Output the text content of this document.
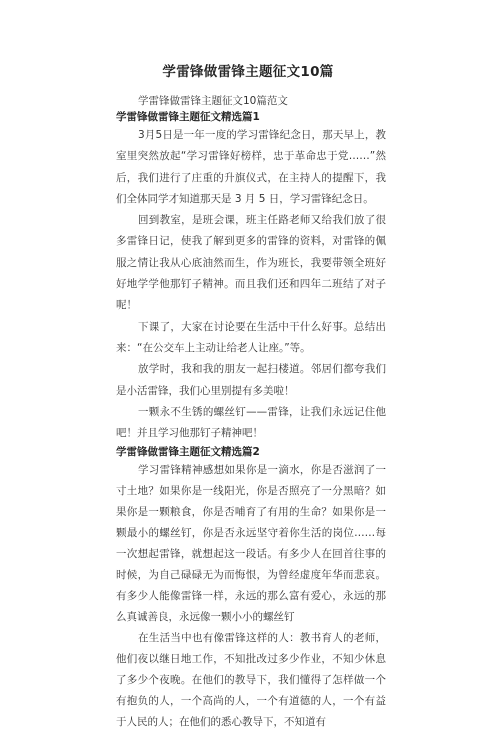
学雷锋做雷锋主题征文10篇

学雷锋做雷锋主题征文10篇范文

学雷锋做雷锋主题征文精选篇1

3月5日是一年一度的学习雷锋纪念日，那天早上，教室里突然放起“学习雷锋好榜样，忠于革命忠于党……”然后，我们进行了庄重的升旗仪式，在主持人的提醒下，我们全体同学才知道那天是 3 月 5 日，学习雷锋纪念日。

回到教室，是班会课，班主任路老师又给我们放了很多雷锋日记，使我了解到更多的雷锋的资料，对雷锋的佩服之情让我从心底油然而生，作为班长，我要带领全班好好地学学他那钉子精神。而且我们还和四年二班结了对子呢！

下课了，大家在讨论要在生活中干什么好事。总结出来：“在公交车上主动让给老人让座。”等。

放学时，我和我的朋友一起扫楼道。邻居们都夸我们是小活雷锋，我们心里别提有多美啦！

一颗永不生锈的螺丝钉——雷锋，让我们永远记住他吧！并且学习他那钉子精神吧！

学雷锋做雷锋主题征文精选篇2

学习雷锋精神感想如果你是一滴水，你是否滋润了一寸土地？如果你是一线阳光，你是否照亮了一分黑暗？如果你是一颗粮食，你是否哺育了有用的生命？如果你是一颗最小的螺丝钉，你是否永远坚守着你生活的岗位……每一次想起雷锋，就想起这一段话。有多少人在回首往事的时候，为自己碌碌无为而悔恨，为曾经虚度年华而悲哀。有多少人能像雷锋一样，永远的那么富有爱心，永远的那么真诚善良，永远像一颗小小的螺丝钉

在生活当中也有像雷锋这样的人：教书育人的老师，他们夜以继日地工作，不知批改过多少作业，不知少休息了多少个夜晚。在他们的教导下，我们懂得了怎样做一个有抱负的人，一个高尚的人，一个有道德的人，一个有益于人民的人；在他们的悉心教导下，不知道有
